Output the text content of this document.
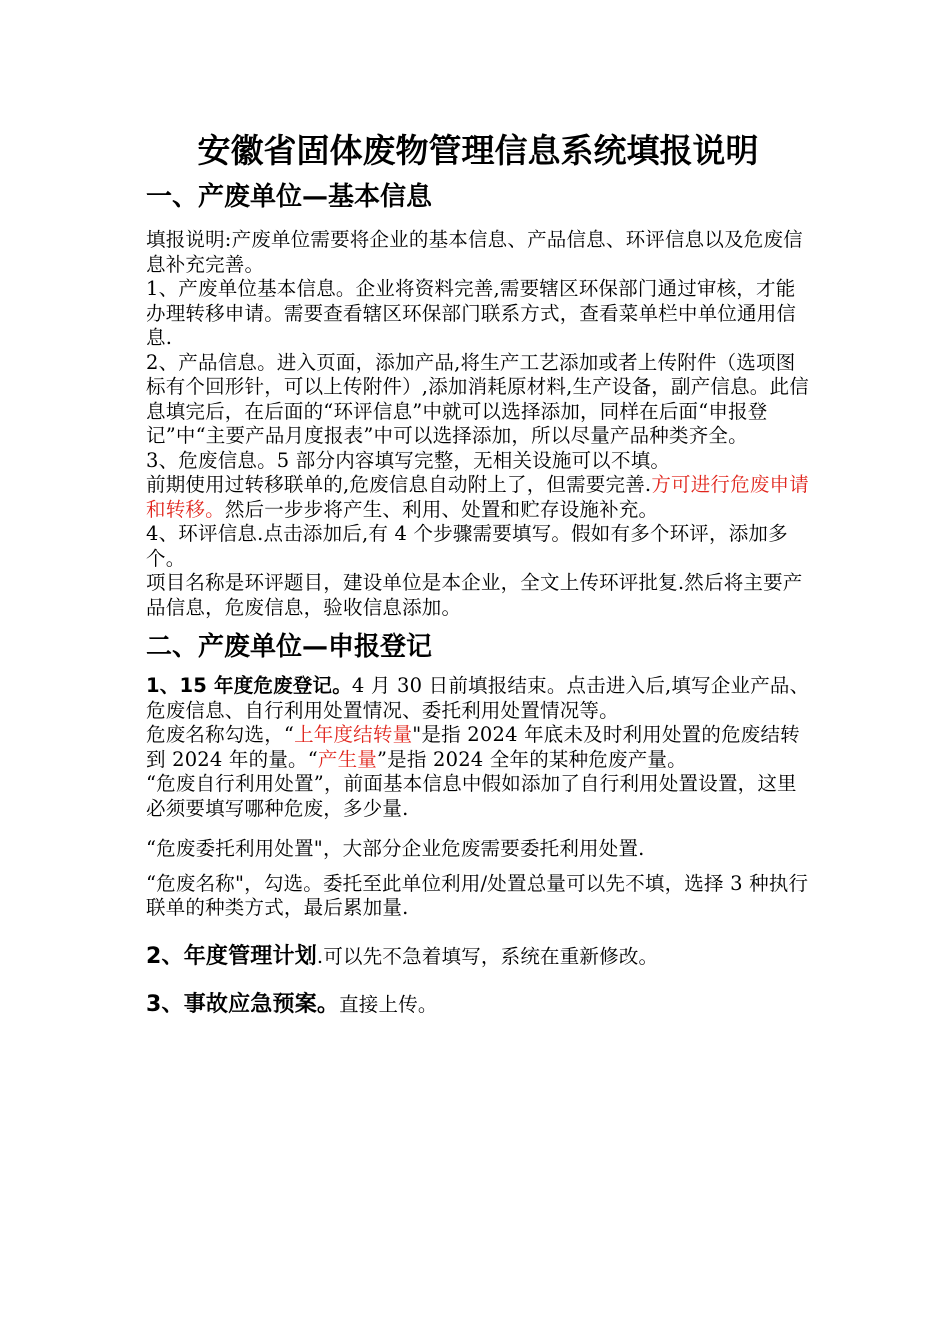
安徽省固体废物管理信息系统填报说明
一、产废单位—基本信息

填报说明:产废单位需要将企业的基本信息、产品信息、环评信息以及危废信息补充完善。

1、产废单位基本信息。企业将资料完善,需要辖区环保部门通过审核，才能办理转移申请。需要查看辖区环保部门联系方式，查看菜单栏中单位通用信息.

2、产品信息。进入页面，添加产品,将生产工艺添加或者上传附件（选项图标有个回形针，可以上传附件）,添加消耗原材料,生产设备，副产信息。此信息填完后，在后面的“环评信息”中就可以选择添加，同样在后面“申报登记”中“主要产品月度报表”中可以选择添加，所以尽量产品种类齐全。

3、危废信息。5 部分内容填写完整，无相关设施可以不填。

前期使用过转移联单的,危废信息自动附上了，但需要完善.方可进行危废申请和转移。然后一步步将产生、利用、处置和贮存设施补充。

4、环评信息.点击添加后,有 4 个步骤需要填写。假如有多个环评，添加多个。

项目名称是环评题目，建设单位是本企业，全文上传环评批复.然后将主要产品信息，危废信息，验收信息添加。

二、产废单位—申报登记

1、15 年度危废登记。4 月 30 日前填报结束。点击进入后,填写企业产品、危废信息、自行利用处置情况、委托利用处置情况等。

危废名称勾选，“上年度结转量"是指 2024 年底未及时利用处置的危废结转到 2024 年的量。“产生量”是指 2024 全年的某种危废产量。

“危废自行利用处置”，前面基本信息中假如添加了自行利用处置设置，这里必须要填写哪种危废，多少量.

“危废委托利用处置"，大部分企业危废需要委托利用处置.

“危废名称"，勾选。委托至此单位利用/处置总量可以先不填，选择 3 种执行联单的种类方式，最后累加量.

2、年度管理计划.可以先不急着填写，系统在重新修改。

3、事故应急预案。直接上传。
